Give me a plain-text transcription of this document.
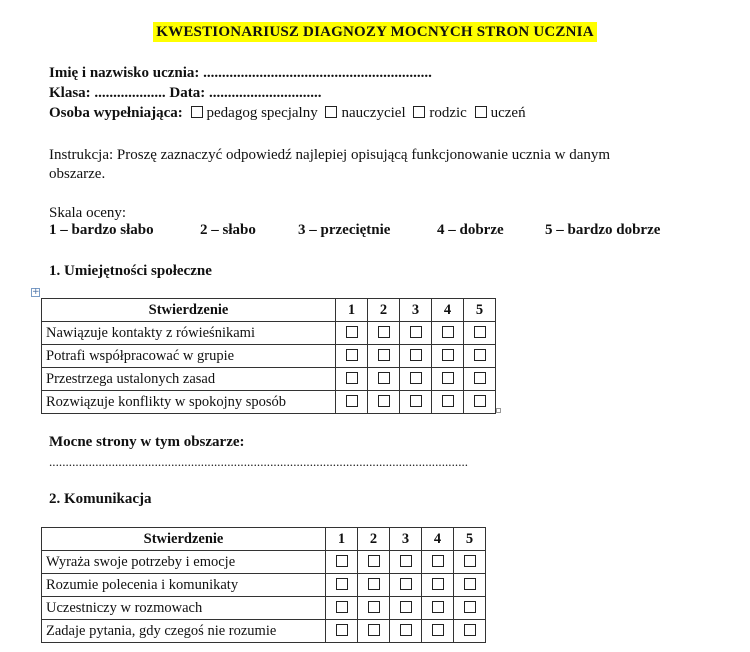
KWESTIONARIUSZ DIAGNOZY MOCNYCH STRON UCZNIA
Imię i nazwisko ucznia: .............................................................
Klasa: ................... Data: ..............................
Osoba wypełniająca: pedagog specjalny nauczyciel rodzic uczeń
Instrukcja: Proszę zaznaczyć odpowiedź najlepiej opisującą funkcjonowanie ucznia w danym
obszarze.
Skala oceny:
1 – bardzo słabo	2 – słabo	3 – przeciętnie	4 – dobrze	5 – bardzo dobrze
1. Umiejętności społeczne
+
Stwierdzenie	1	2	3	4	5
Nawiązuje kontakty z rówieśnikami					
Potrafi współpracować w grupie					
Przestrzega ustalonych zasad					
Rozwiązuje konflikty w spokojny sposób					
Mocne strony w tym obszarze:
...............................................................................................................................
2. Komunikacja
Stwierdzenie	1	2	3	4	5
Wyraża swoje potrzeby i emocje					
Rozumie polecenia i komunikaty					
Uczestniczy w rozmowach					
Zadaje pytania, gdy czegoś nie rozumie					
